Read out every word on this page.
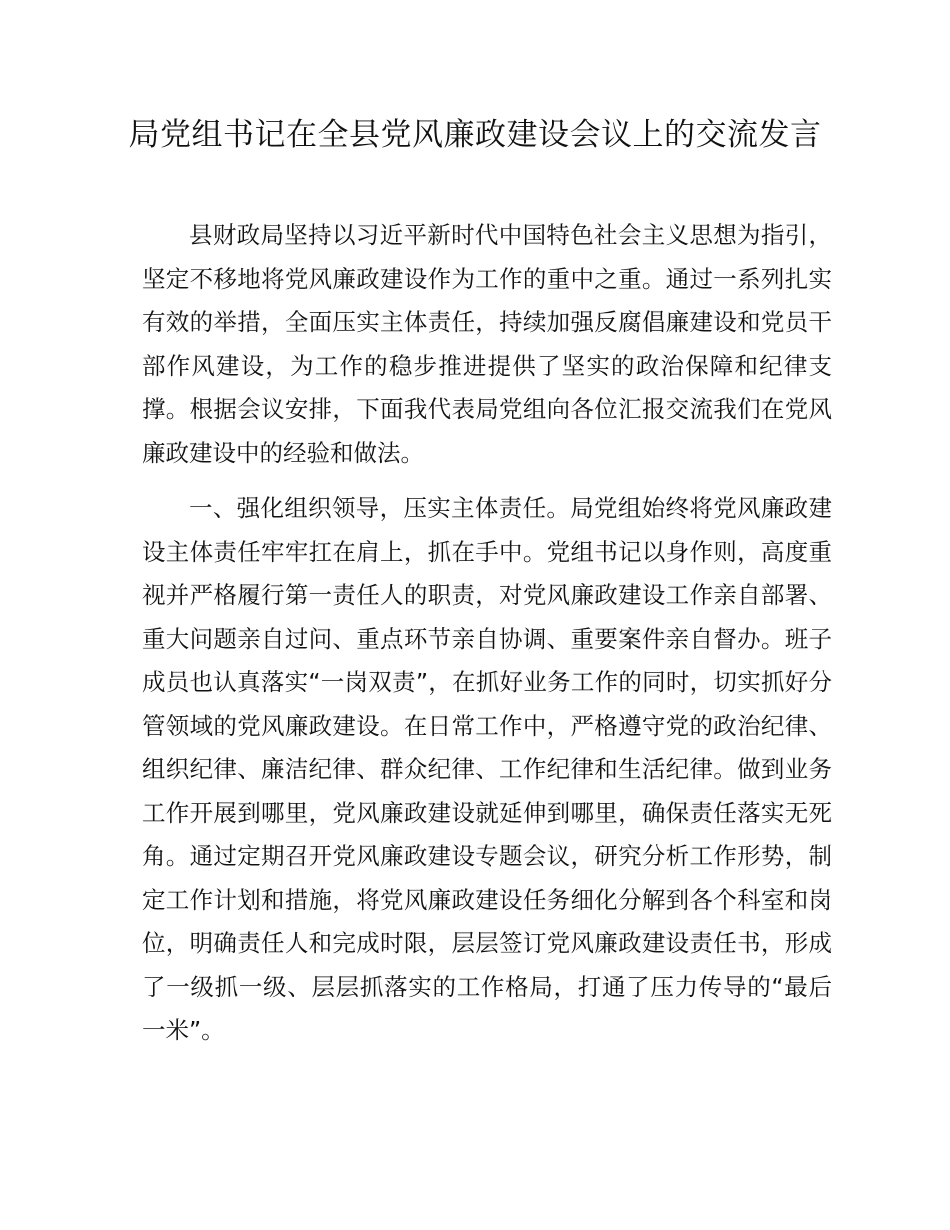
局党组书记在全县党风廉政建设会议上的交流发言

县财政局坚持以习近平新时代中国特色社会主义思想为指引，坚定不移地将党风廉政建设作为工作的重中之重。通过一系列扎实有效的举措，全面压实主体责任，持续加强反腐倡廉建设和党员干部作风建设，为工作的稳步推进提供了坚实的政治保障和纪律支撑。根据会议安排，下面我代表局党组向各位汇报交流我们在党风廉政建设中的经验和做法。

一、强化组织领导，压实主体责任。局党组始终将党风廉政建设主体责任牢牢扛在肩上，抓在手中。党组书记以身作则，高度重视并严格履行第一责任人的职责，对党风廉政建设工作亲自部署、重大问题亲自过问、重点环节亲自协调、重要案件亲自督办。班子成员也认真落实“一岗双责”，在抓好业务工作的同时，切实抓好分管领域的党风廉政建设。在日常工作中，严格遵守党的政治纪律、组织纪律、廉洁纪律、群众纪律、工作纪律和生活纪律。做到业务工作开展到哪里，党风廉政建设就延伸到哪里，确保责任落实无死角。通过定期召开党风廉政建设专题会议，研究分析工作形势，制定工作计划和措施，将党风廉政建设任务细化分解到各个科室和岗位，明确责任人和完成时限，层层签订党风廉政建设责任书，形成了一级抓一级、层层抓落实的工作格局，打通了压力传导的“最后一米”。
